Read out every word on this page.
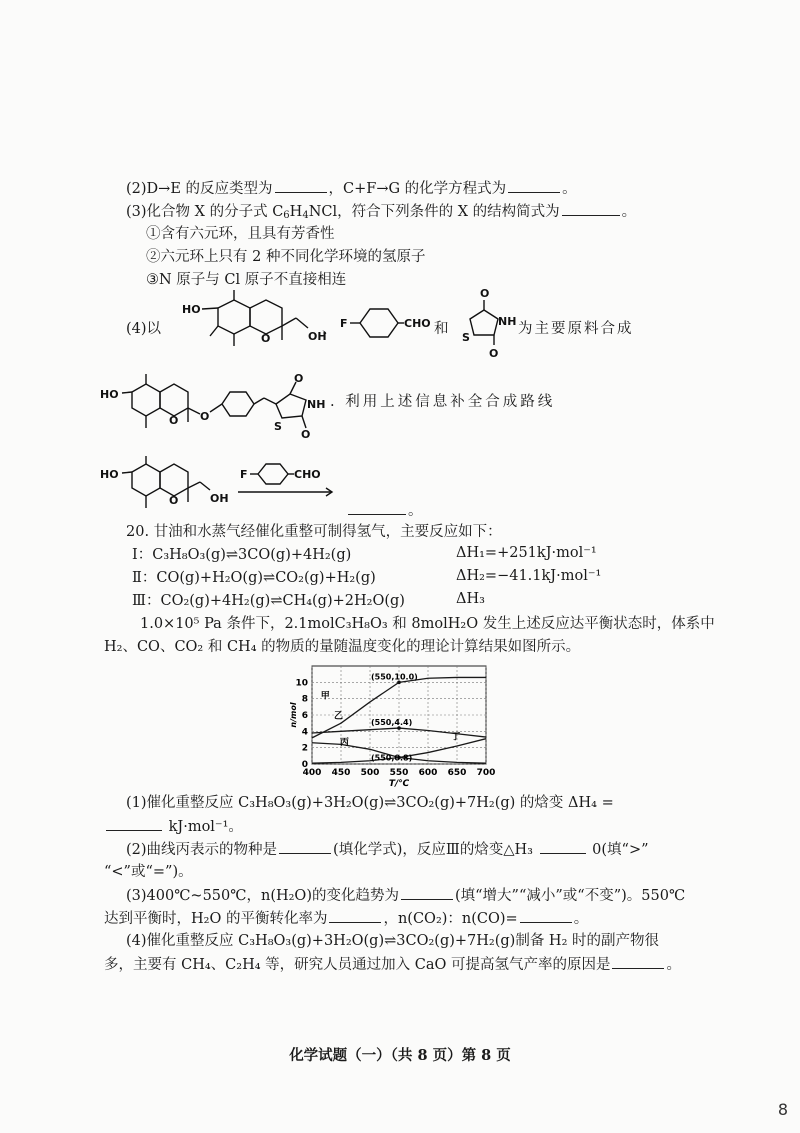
(2)D→E 的反应类型为	，C+F→G 的化学方程式为	。
(3)化合物 X 的分子式 $C_6H_4NCl$，符合下列条件的 X 的结构简式为	。
①含有六元环，且具有芳香性
②六元环上只有 2 种不同化学环境的氢原子
③N 原子与 Cl 原子不直接相连
(4)以
HO
O	OH
、 F	CHO 和
O
NH
S
O
为主要原料合成
HO
O O
O
S
NH
O
. 利用上述信息补全合成路线
HO
O	OH
F	CHO
。
20. 甘油和水蒸气经催化重整可制得氢气，主要反应如下：
Ⅰ：C₃H₈O₃(g)⇌3CO(g)+4H₂(g)	ΔH₁=+251kJ·mol⁻¹
Ⅱ：CO(g)+H₂O(g)⇌CO₂(g)+H₂(g)	ΔH₂=−41.1kJ·mol⁻¹
Ⅲ：CO₂(g)+4H₂(g)⇌CH₄(g)+2H₂O(g)	ΔH₃
1.0×10⁵ Pa 条件下，2.1molC₃H₈O₃ 和 8molH₂O 发生上述反应达平衡状态时，体系中
H₂、CO、CO₂ 和 CH₄ 的物质的量随温度变化的理论计算结果如图所示。
400 450 500 550 600 650 700
0
2
4
6
8
10
T/℃
n/mol
甲
乙
丙
丁
(550,10.0)
(550,4.4)
(550,0.8)
(1)催化重整反应 C₃H₈O₃(g)+3H₂O(g)⇌3CO₂(g)+7H₂(g) 的焓变 ΔH₄ =
kJ·mol⁻¹。
(2)曲线丙表示的物种是	(填化学式)，反应Ⅲ的焓变△H₃	0(填“>”
“<”或“=”)。
(3)400℃~550℃，n(H₂O)的变化趋势为	(填“增大”“减小”或“不变”)。550℃
达到平衡时，H₂O 的平衡转化率为	，n(CO₂)：n(CO)=	。
(4)催化重整反应 C₃H₈O₃(g)+3H₂O(g)⇌3CO₂(g)+7H₂(g)制备 H₂ 时的副产物很
多，主要有 CH₄、C₂H₄ 等，研究人员通过加入 CaO 可提高氢气产率的原因是	。
化学试题（一）（共 8 页）第 8 页
8
